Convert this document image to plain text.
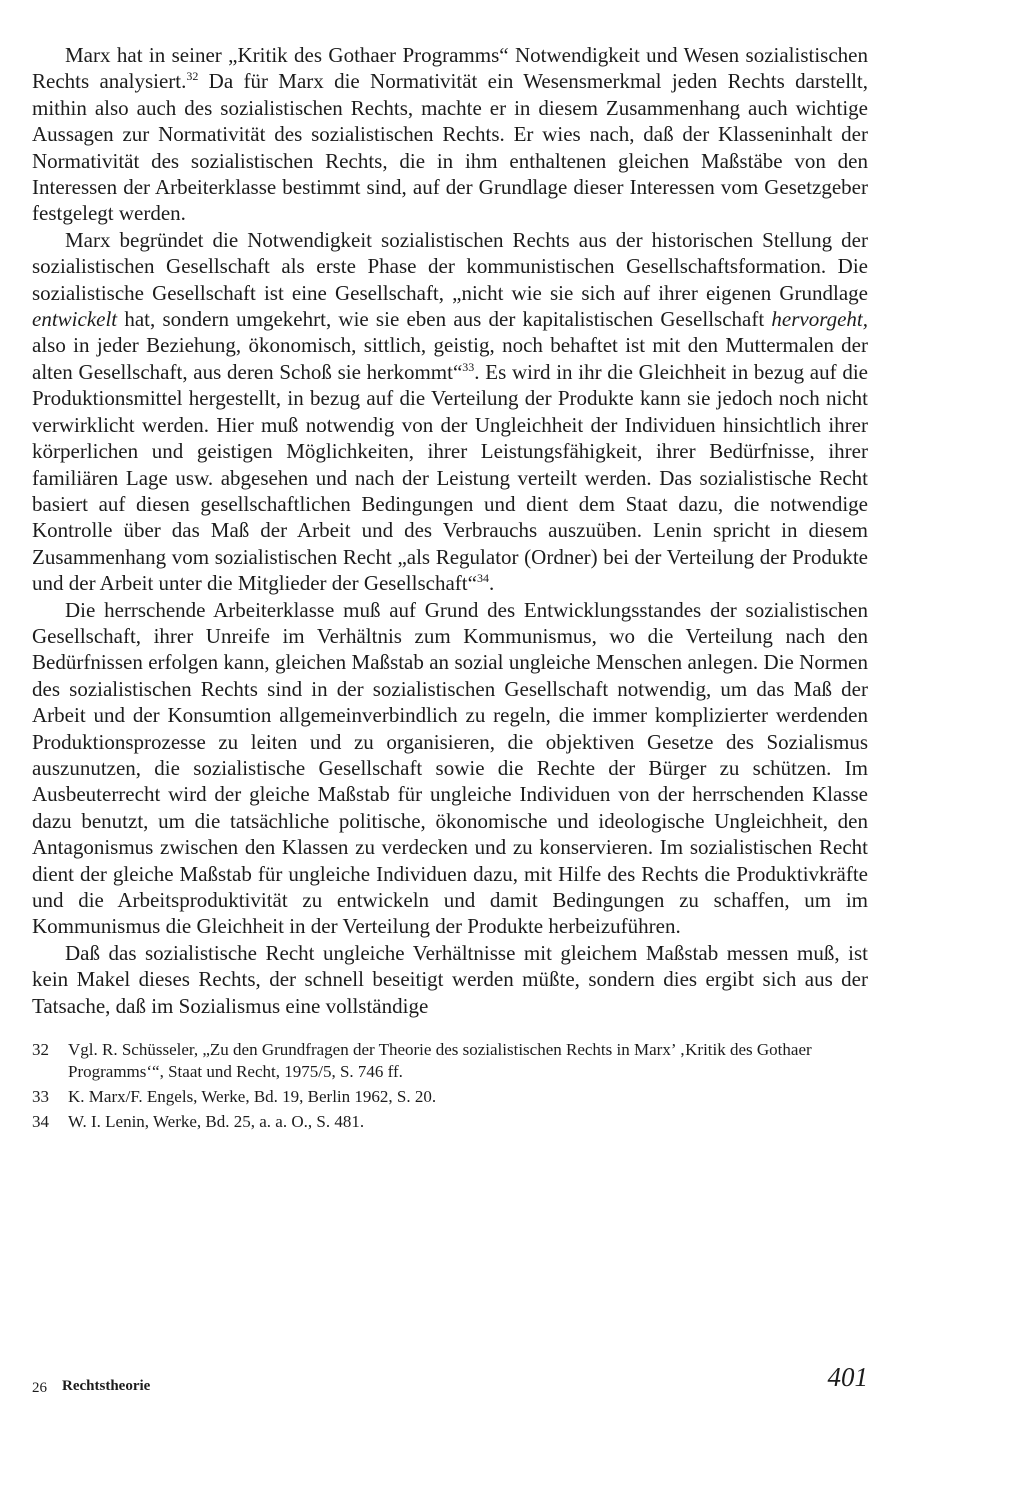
Marx hat in seiner „Kritik des Gothaer Programms“ Notwendigkeit und Wesen sozialistischen Rechts analysiert.$^{32}$ Da für Marx die Normativität ein Wesensmerkmal jeden Rechts darstellt, mithin also auch des sozialistischen Rechts, machte er in diesem Zusammenhang auch wichtige Aussagen zur Normativität des sozialistischen Rechts. Er wies nach, daß der Klasseninhalt der Normativität des sozialistischen Rechts, die in ihm enthaltenen gleichen Maßstäbe von den Interessen der Arbeiterklasse bestimmt sind, auf der Grundlage dieser Interessen vom Gesetzgeber festgelegt werden.

Marx begründet die Notwendigkeit sozialistischen Rechts aus der historischen Stellung der sozialistischen Gesellschaft als erste Phase der kommunistischen Gesellschaftsformation. Die sozialistische Gesellschaft ist eine Gesellschaft, „nicht wie sie sich auf ihrer eigenen Grundlage entwickelt hat, sondern umgekehrt, wie sie eben aus der kapitalistischen Gesellschaft hervorgeht, also in jeder Beziehung, ökonomisch, sittlich, geistig, noch behaftet ist mit den Muttermalen der alten Gesellschaft, aus deren Schoß sie herkommt“$^{33}$. Es wird in ihr die Gleichheit in bezug auf die Produktionsmittel hergestellt, in bezug auf die Verteilung der Produkte kann sie jedoch noch nicht verwirklicht werden. Hier muß notwendig von der Ungleichheit der Individuen hinsichtlich ihrer körperlichen und geistigen Möglichkeiten, ihrer Leistungsfähigkeit, ihrer Bedürfnisse, ihrer familiären Lage usw. abgesehen und nach der Leistung verteilt werden. Das sozialistische Recht basiert auf diesen gesellschaftlichen Bedingungen und dient dem Staat dazu, die notwendige Kontrolle über das Maß der Arbeit und des Verbrauchs auszuüben. Lenin spricht in diesem Zusammenhang vom sozialistischen Recht „als Regulator (Ordner) bei der Verteilung der Produkte und der Arbeit unter die Mitglieder der Gesellschaft“$^{34}$.

Die herrschende Arbeiterklasse muß auf Grund des Entwicklungsstandes der sozialistischen Gesellschaft, ihrer Unreife im Verhältnis zum Kommunismus, wo die Verteilung nach den Bedürfnissen erfolgen kann, gleichen Maßstab an sozial ungleiche Menschen anlegen. Die Normen des sozialistischen Rechts sind in der sozialistischen Gesellschaft notwendig, um das Maß der Arbeit und der Konsumtion allgemeinverbindlich zu regeln, die immer komplizierter werdenden Produktionsprozesse zu leiten und zu organisieren, die objektiven Gesetze des Sozialismus auszunutzen, die sozialistische Gesellschaft sowie die Rechte der Bürger zu schützen. Im Ausbeuterrecht wird der gleiche Maßstab für ungleiche Individuen von der herrschenden Klasse dazu benutzt, um die tatsächliche politische, ökonomische und ideologische Ungleichheit, den Antagonismus zwischen den Klassen zu verdecken und zu konservieren. Im sozialistischen Recht dient der gleiche Maßstab für ungleiche Individuen dazu, mit Hilfe des Rechts die Produktivkräfte und die Arbeitsproduktivität zu entwickeln und damit Bedingungen zu schaffen, um im Kommunismus die Gleichheit in der Verteilung der Produkte herbeizuführen.

Daß das sozialistische Recht ungleiche Verhältnisse mit gleichem Maßstab messen muß, ist kein Makel dieses Rechts, der schnell beseitigt werden müßte, sondern dies ergibt sich aus der Tatsache, daß im Sozialismus eine vollständige

32	Vgl. R. Schüsseler, „Zu den Grundfragen der Theorie des sozialistischen Rechts in Marx’ ‚Kritik des Gothaer Programms‘“, Staat und Recht, 1975/5, S. 746 ff.
33	K. Marx/F. Engels, Werke, Bd. 19, Berlin 1962, S. 20.
34	W. I. Lenin, Werke, Bd. 25, a. a. O., S. 481.
26 Rechtstheorie	401
